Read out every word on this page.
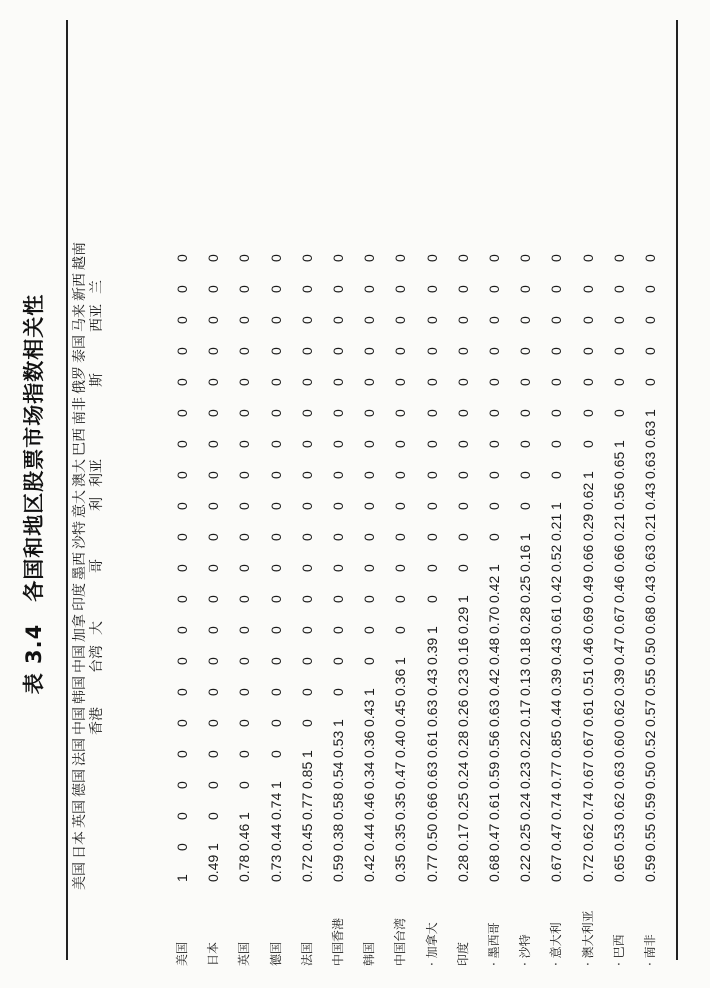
表 3.4　各国和地区股票市场指数相关性
美国
日本
英国
德国
法国
中国 香港
韩国
中国 台湾
加拿 大
印度
墨西 哥
沙特
意大 利
澳大 利亚
巴西
南非
俄罗 斯
泰国
马来 西亚
新西 兰
越南
美国
1
0
0
0
0
0
0
0
0
0
0
0
0
0
0
0
0
0
0
0
0
日本
0.49
1
0
0
0
0
0
0
0
0
0
0
0
0
0
0
0
0
0
0
0
英国
0.78
0.46
1
0
0
0
0
0
0
0
0
0
0
0
0
0
0
0
0
0
0
德国
0.73
0.44
0.74
1
0
0
0
0
0
0
0
0
0
0
0
0
0
0
0
0
0
法国
0.72
0.45
0.77
0.85
1
0
0
0
0
0
0
0
0
0
0
0
0
0
0
0
0
中国香港
0.59
0.38
0.58
0.54
0.53
1
0
0
0
0
0
0
0
0
0
0
0
0
0
0
0
韩国
0.42
0.44
0.46
0.34
0.36
0.43
1
0
0
0
0
0
0
0
0
0
0
0
0
0
0
中国台湾
0.35
0.35
0.35
0.47
0.40
0.45
0.36
1
0
0
0
0
0
0
0
0
0
0
0
0
0
· 加拿大
0.77
0.50
0.66
0.63
0.61
0.63
0.43
0.39
1
0
0
0
0
0
0
0
0
0
0
0
0
印度
0.28
0.17
0.25
0.24
0.28
0.26
0.23
0.16
0.29
1
0
0
0
0
0
0
0
0
0
0
0
· 墨西哥
0.68
0.47
0.61
0.59
0.56
0.63
0.42
0.48
0.70
0.42
1
0
0
0
0
0
0
0
0
0
0
· 沙特
0.22
0.25
0.24
0.23
0.22
0.17
0.13
0.18
0.28
0.25
0.16
1
0
0
0
0
0
0
0
0
0
· 意大利
0.67
0.47
0.74
0.77
0.85
0.44
0.39
0.43
0.61
0.42
0.52
0.21
1
0
0
0
0
0
0
0
0
· 澳大利亚
0.72
0.62
0.74
0.67
0.67
0.61
0.51
0.46
0.69
0.49
0.66
0.29
0.62
1
0
0
0
0
0
0
0
· 巴西
0.65
0.53
0.62
0.63
0.60
0.62
0.39
0.47
0.67
0.46
0.66
0.21
0.56
0.65
1
0
0
0
0
0
0
· 南非
0.59
0.55
0.59
0.50
0.52
0.57
0.55
0.50
0.68
0.43
0.63
0.21
0.43
0.63
0.63
1
0
0
0
0
0
